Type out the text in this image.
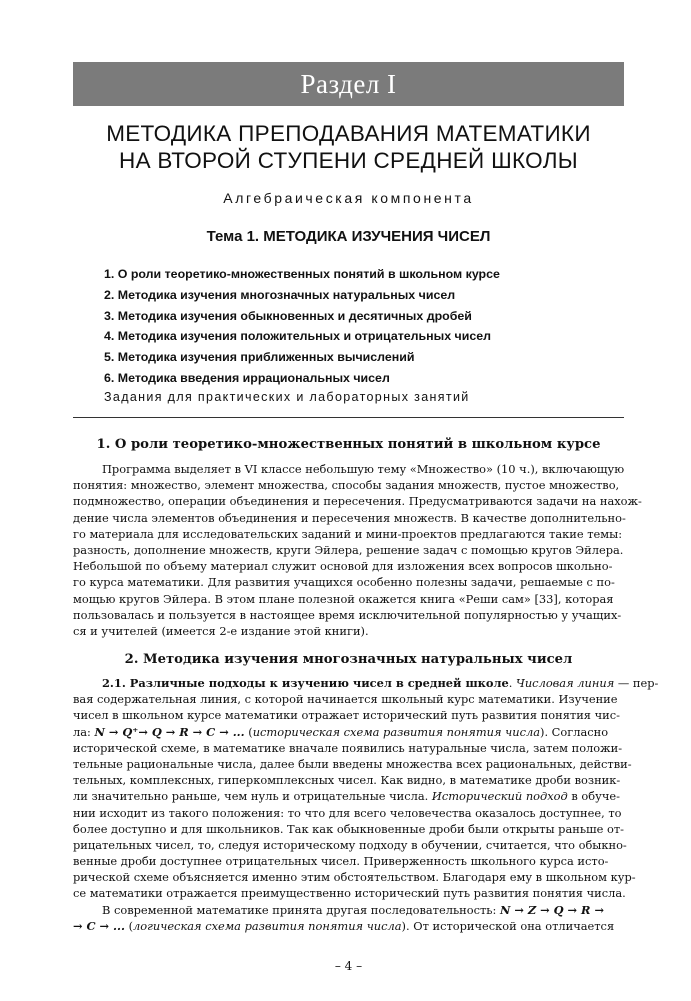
Раздел I
МЕТОДИКА ПРЕПОДАВАНИЯ МАТЕМАТИКИ
НА ВТОРОЙ СТУПЕНИ СРЕДНЕЙ ШКОЛЫ
Алгебраическая компонента
Тема 1. МЕТОДИКА ИЗУЧЕНИЯ ЧИСЕЛ
1. О роли теоретико-множественных понятий в школьном курсе
2. Методика изучения многозначных натуральных чисел
3. Методика изучения обыкновенных и десятичных дробей
4. Методика изучения положительных и отрицательных чисел
5. Методика изучения приближенных вычислений
6. Методика введения иррациональных чисел
Задания для практических и лабораторных занятий
1. О роли теоретико-множественных понятий в школьном курсе
Программа выделяет в VI классе небольшую тему «Множество» (10 ч.), включающую
понятия: множество, элемент множества, способы задания множеств, пустое множество,
подмножество, операции объединения и пересечения. Предусматриваются задачи на нахож-
дение числа элементов объединения и пересечения множеств. В качестве дополнительно-
го материала для исследовательских заданий и мини-проектов предлагаются такие темы:
разность, дополнение множеств, круги Эйлера, решение задач с помощью кругов Эйлера.
Небольшой по объему материал служит основой для изложения всех вопросов школьно-
го курса математики. Для развития учащихся особенно полезны задачи, решаемые с по-
мощью кругов Эйлера. В этом плане полезной окажется книга «Реши сам» [33], которая
пользовалась и пользуется в настоящее время исключительной популярностью у учащих-
ся и учителей (имеется 2-е издание этой книги).
2. Методика изучения многозначных натуральных чисел
2.1. Различные подходы к изучению чисел в средней школе. Числовая линия — пер-
вая содержательная линия, с которой начинается школьный курс математики. Изучение
чисел в школьном курсе математики отражает исторический путь развития понятия чис-
ла: N → Q⁺→ Q → R → C → ... (историческая схема развития понятия числа). Согласно
исторической схеме, в математике вначале появились натуральные числа, затем положи-
тельные рациональные числа, далее были введены множества всех рациональных, действи-
тельных, комплексных, гиперкомплексных чисел. Как видно, в математике дроби возник-
ли значительно раньше, чем нуль и отрицательные числа. Исторический подход в обуче-
нии исходит из такого положения: то что для всего человечества оказалось доступнее, то
более доступно и для школьников. Так как обыкновенные дроби были открыты раньше от-
рицательных чисел, то, следуя историческому подходу в обучении, считается, что обыкно-
венные дроби доступнее отрицательных чисел. Приверженность школьного курса исто-
рической схеме объясняется именно этим обстоятельством. Благодаря ему в школьном кур-
се математики отражается преимущественно исторический путь развития понятия числа.
В современной математике принята другая последовательность: N → Z → Q → R →
→ C → ... (логическая схема развития понятия числа). От исторической она отличается
– 4 –
